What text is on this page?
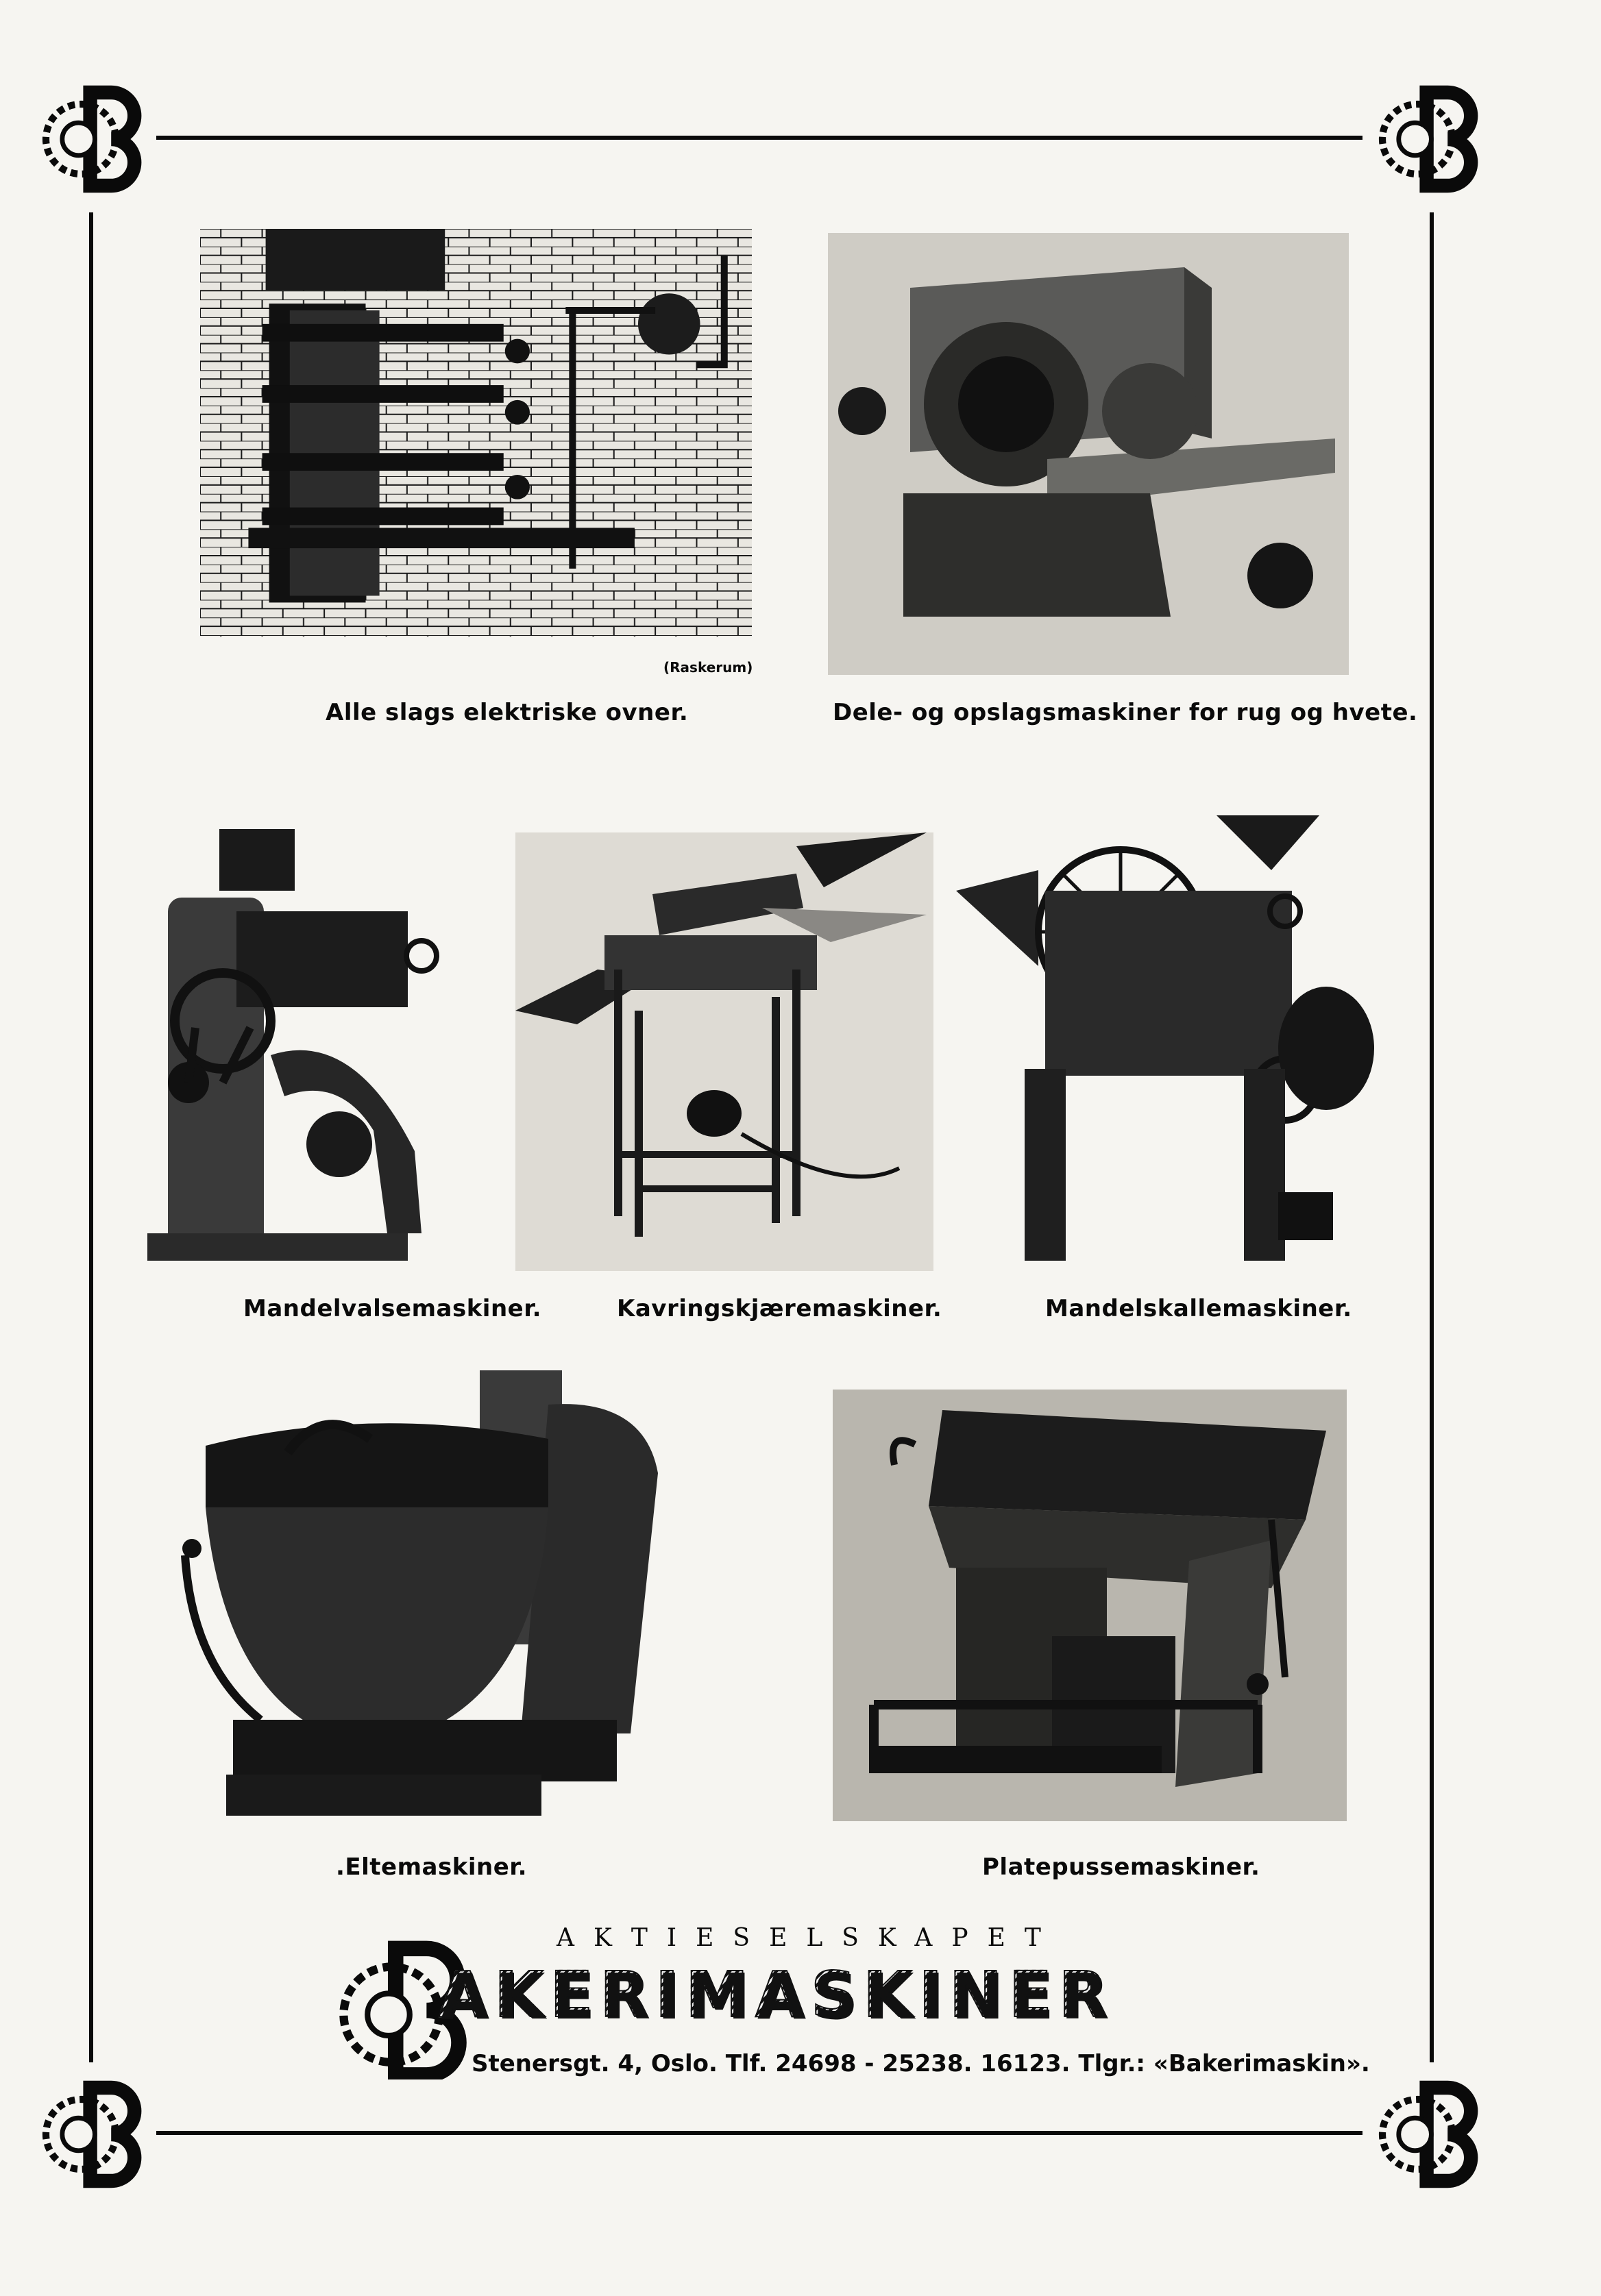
(Raskerum)
Alle slags elektriske ovner.	Dele- og opslagsmaskiner for rug og hvete.
Mandelvalsemaskiner.	Kavringskjæremaskiner.	Mandelskallemaskiner.
.Eltemaskiner.	Platepussemaskiner.
AKTIESELSKAPET
AKERIMASKINER
Stenersgt. 4, Oslo. Tlf. 24698 - 25238. 16123. Tlgr.: «Bakerimaskin».
